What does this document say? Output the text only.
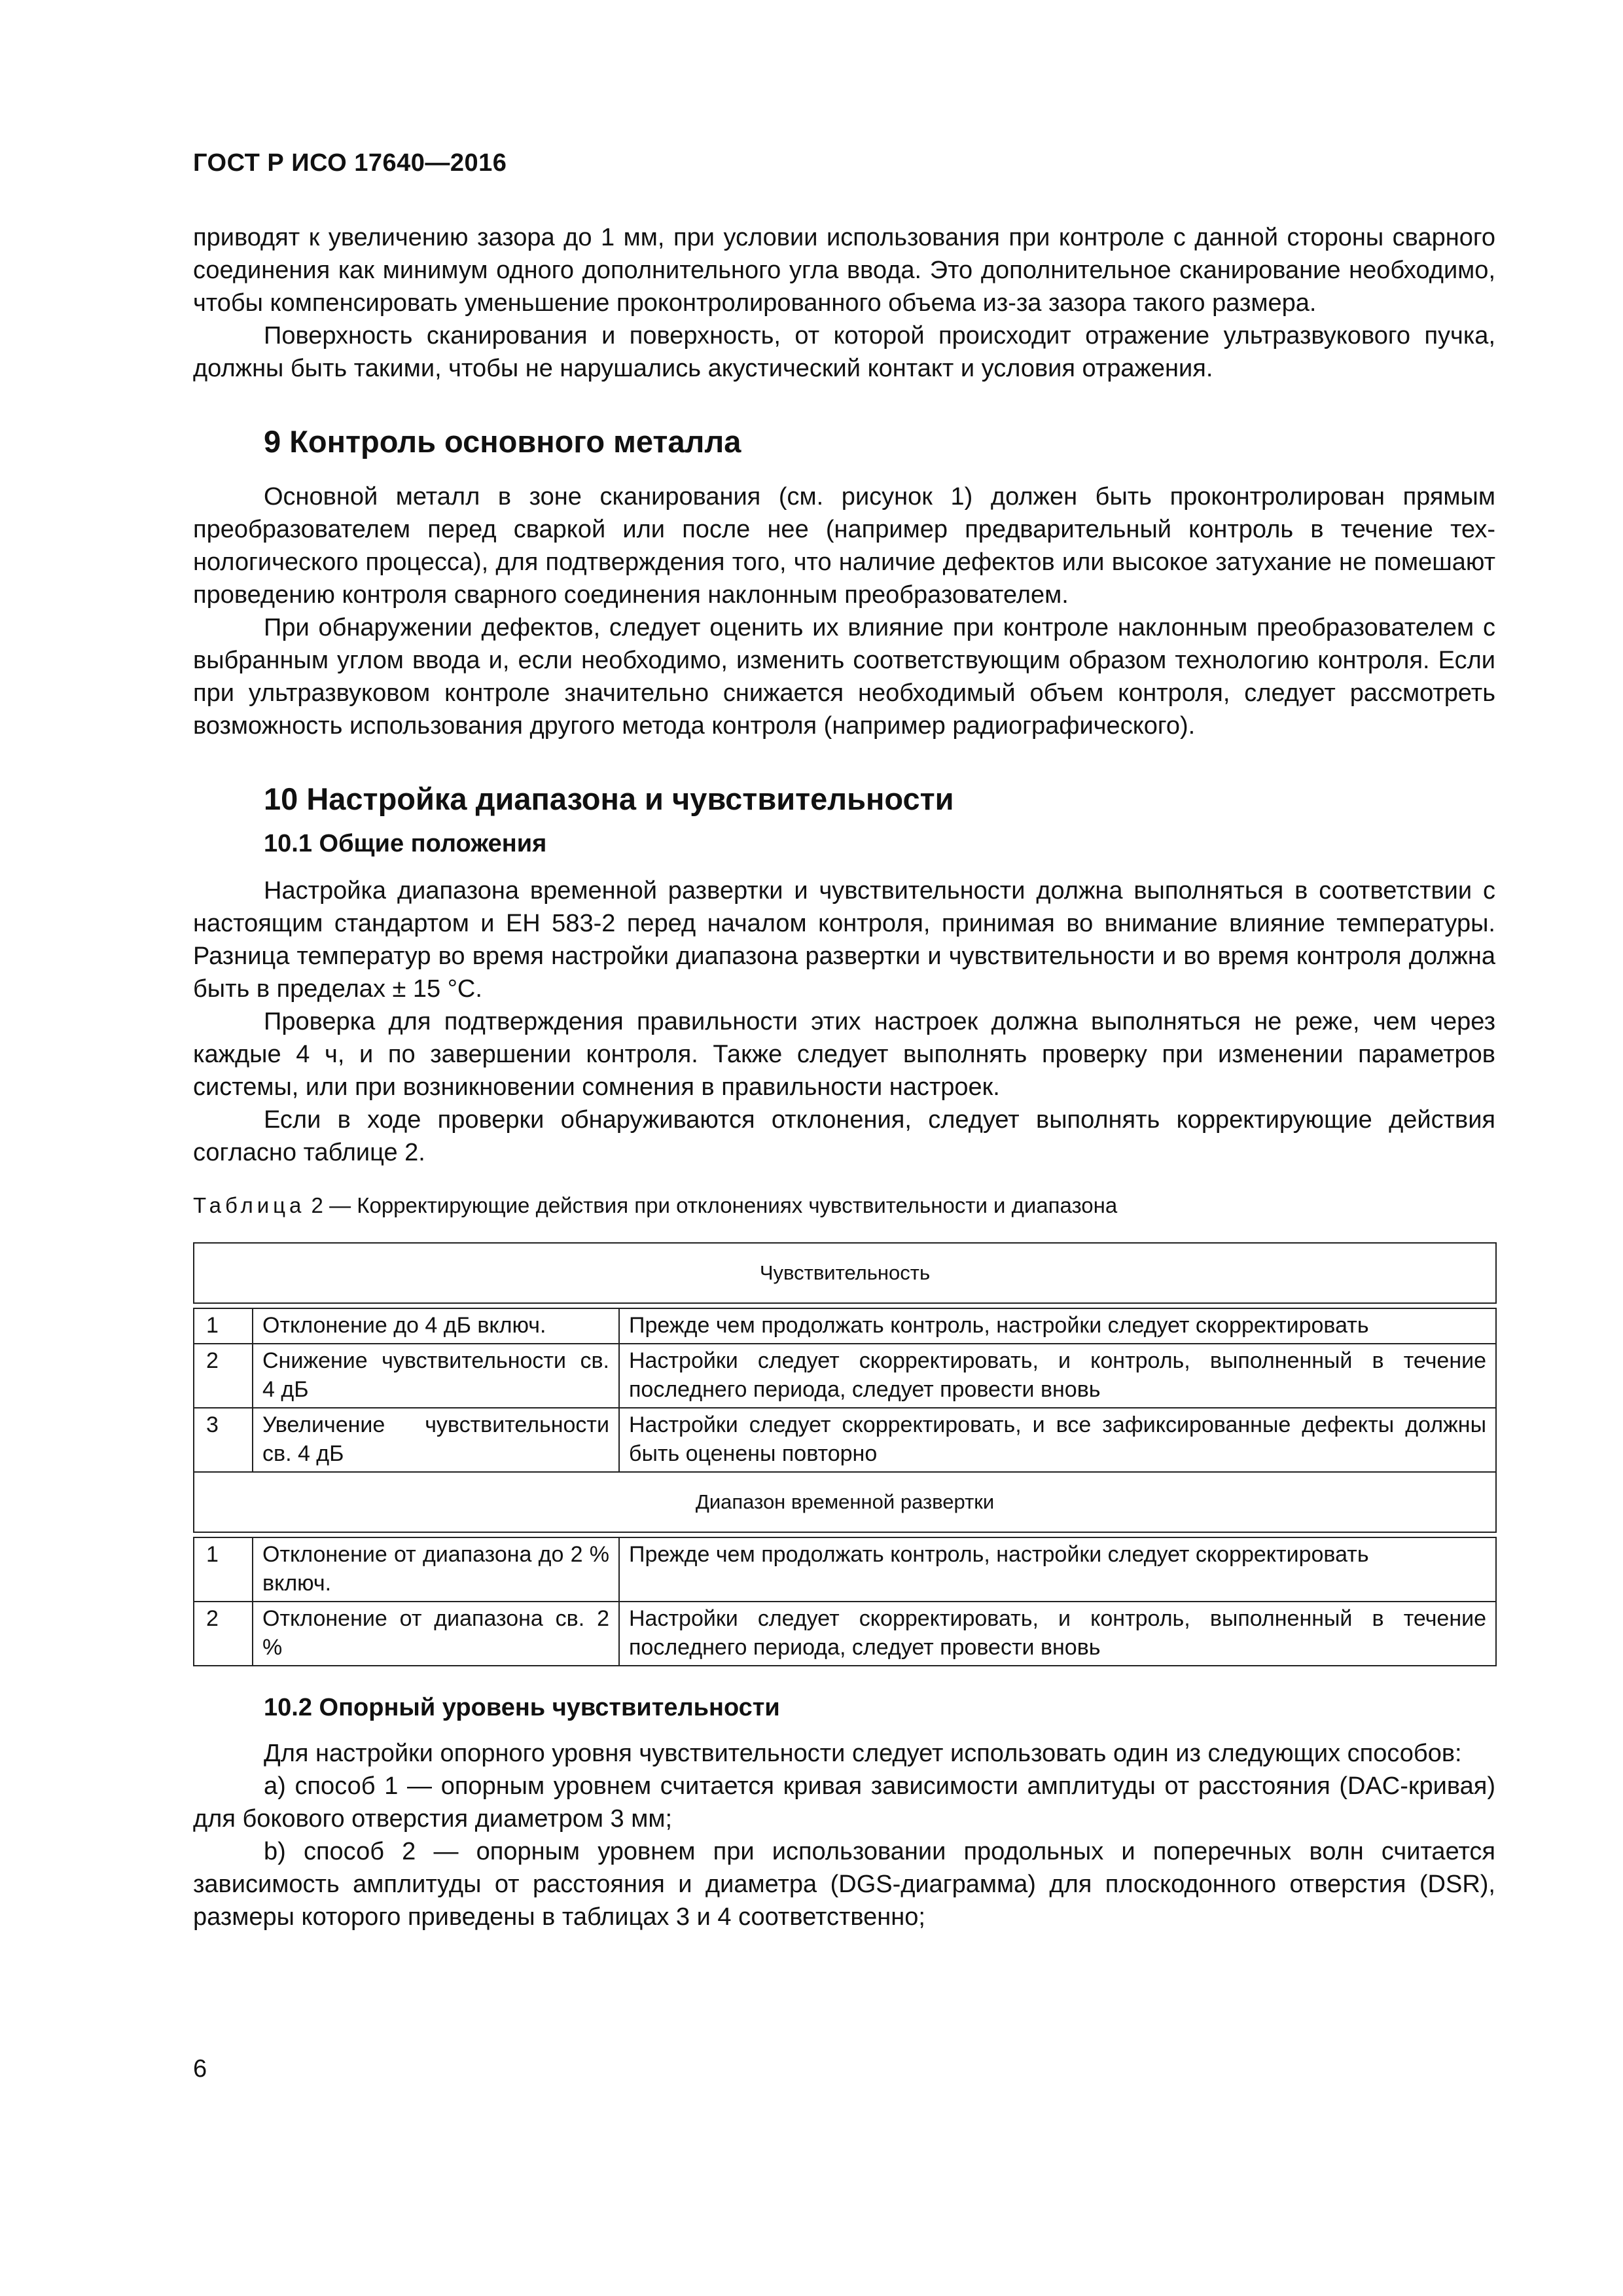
ГОСТ Р ИСО 17640—2016

приводят к увеличению зазора до 1 мм, при условии использования при контроле с данной стороны сварного соединения как минимум одного дополнительного угла ввода. Это дополнительное сканирование необходимо, чтобы компенсировать уменьшение проконтролированного объема из-за зазора такого размера.

Поверхность сканирования и поверхность, от которой происходит отражение ультразвукового пучка, должны быть такими, чтобы не нарушались акустический контакт и условия отражения.

9 Контроль основного металла

Основной металл в зоне сканирования (см. рисунок 1) должен быть проконтролирован прямым преобразователем перед сваркой или после нее (например предварительный контроль в течение технологического процесса), для подтверждения того, что наличие дефектов или высокое затухание не помешают проведению контроля сварного соединения наклонным преобразователем.

При обнаружении дефектов, следует оценить их влияние при контроле наклонным преобразователем с выбранным углом ввода и, если необходимо, изменить соответствующим образом технологию контроля. Если при ультразвуковом контроле значительно снижается необходимый объем контроля, следует рассмотреть возможность использования другого метода контроля (например радиографического).

10 Настройка диапазона и чувствительности
10.1 Общие положения

Настройка диапазона временной развертки и чувствительности должна выполняться в соответствии с настоящим стандартом и ЕН 583-2 перед началом контроля, принимая во внимание влияние температуры. Разница температур во время настройки диапазона развертки и чувствительности и во время контроля должна быть в пределах ± 15 °С.

Проверка для подтверждения правильности этих настроек должна выполняться не реже, чем через каждые 4 ч, и по завершении контроля. Также следует выполнять проверку при изменении параметров системы, или при возникновении сомнения в правильности настроек.

Если в ходе проверки обнаруживаются отклонения, следует выполнять корректирующие действия согласно таблице 2.

Таблица 2 — Корректирующие действия при отклонениях чувствительности и диапазона
Чувствительность		

1	Отклонение до 4 дБ включ.	Прежде чем продолжать контроль, настройки следует скорректировать
2	Снижение чувствительности св. 4 дБ	Настройки следует скорректировать, и контроль, выполненный в течение последнего периода, следует провести вновь
3	Увеличение чувствительности св. 4 дБ	Настройки следует скорректировать, и все зафиксированные дефекты должны быть оценены повторно
Диапазон временной развертки		

1	Отклонение от диапазона до 2 % включ.	Прежде чем продолжать контроль, настройки следует скорректировать
2	Отклонение от диапазона св. 2 %	Настройки следует скорректировать, и контроль, выполненный в течение последнего периода, следует провести вновь
10.2 Опорный уровень чувствительности

Для настройки опорного уровня чувствительности следует использовать один из следующих способов:

a) способ 1 — опорным уровнем считается кривая зависимости амплитуды от расстояния (DAC-кривая) для бокового отверстия диаметром 3 мм;

b) способ 2 — опорным уровнем при использовании продольных и поперечных волн считается зависимость амплитуды от расстояния и диаметра (DGS-диаграмма) для плоскодонного отверстия (DSR), размеры которого приведены в таблицах 3 и 4 соответственно;

6
